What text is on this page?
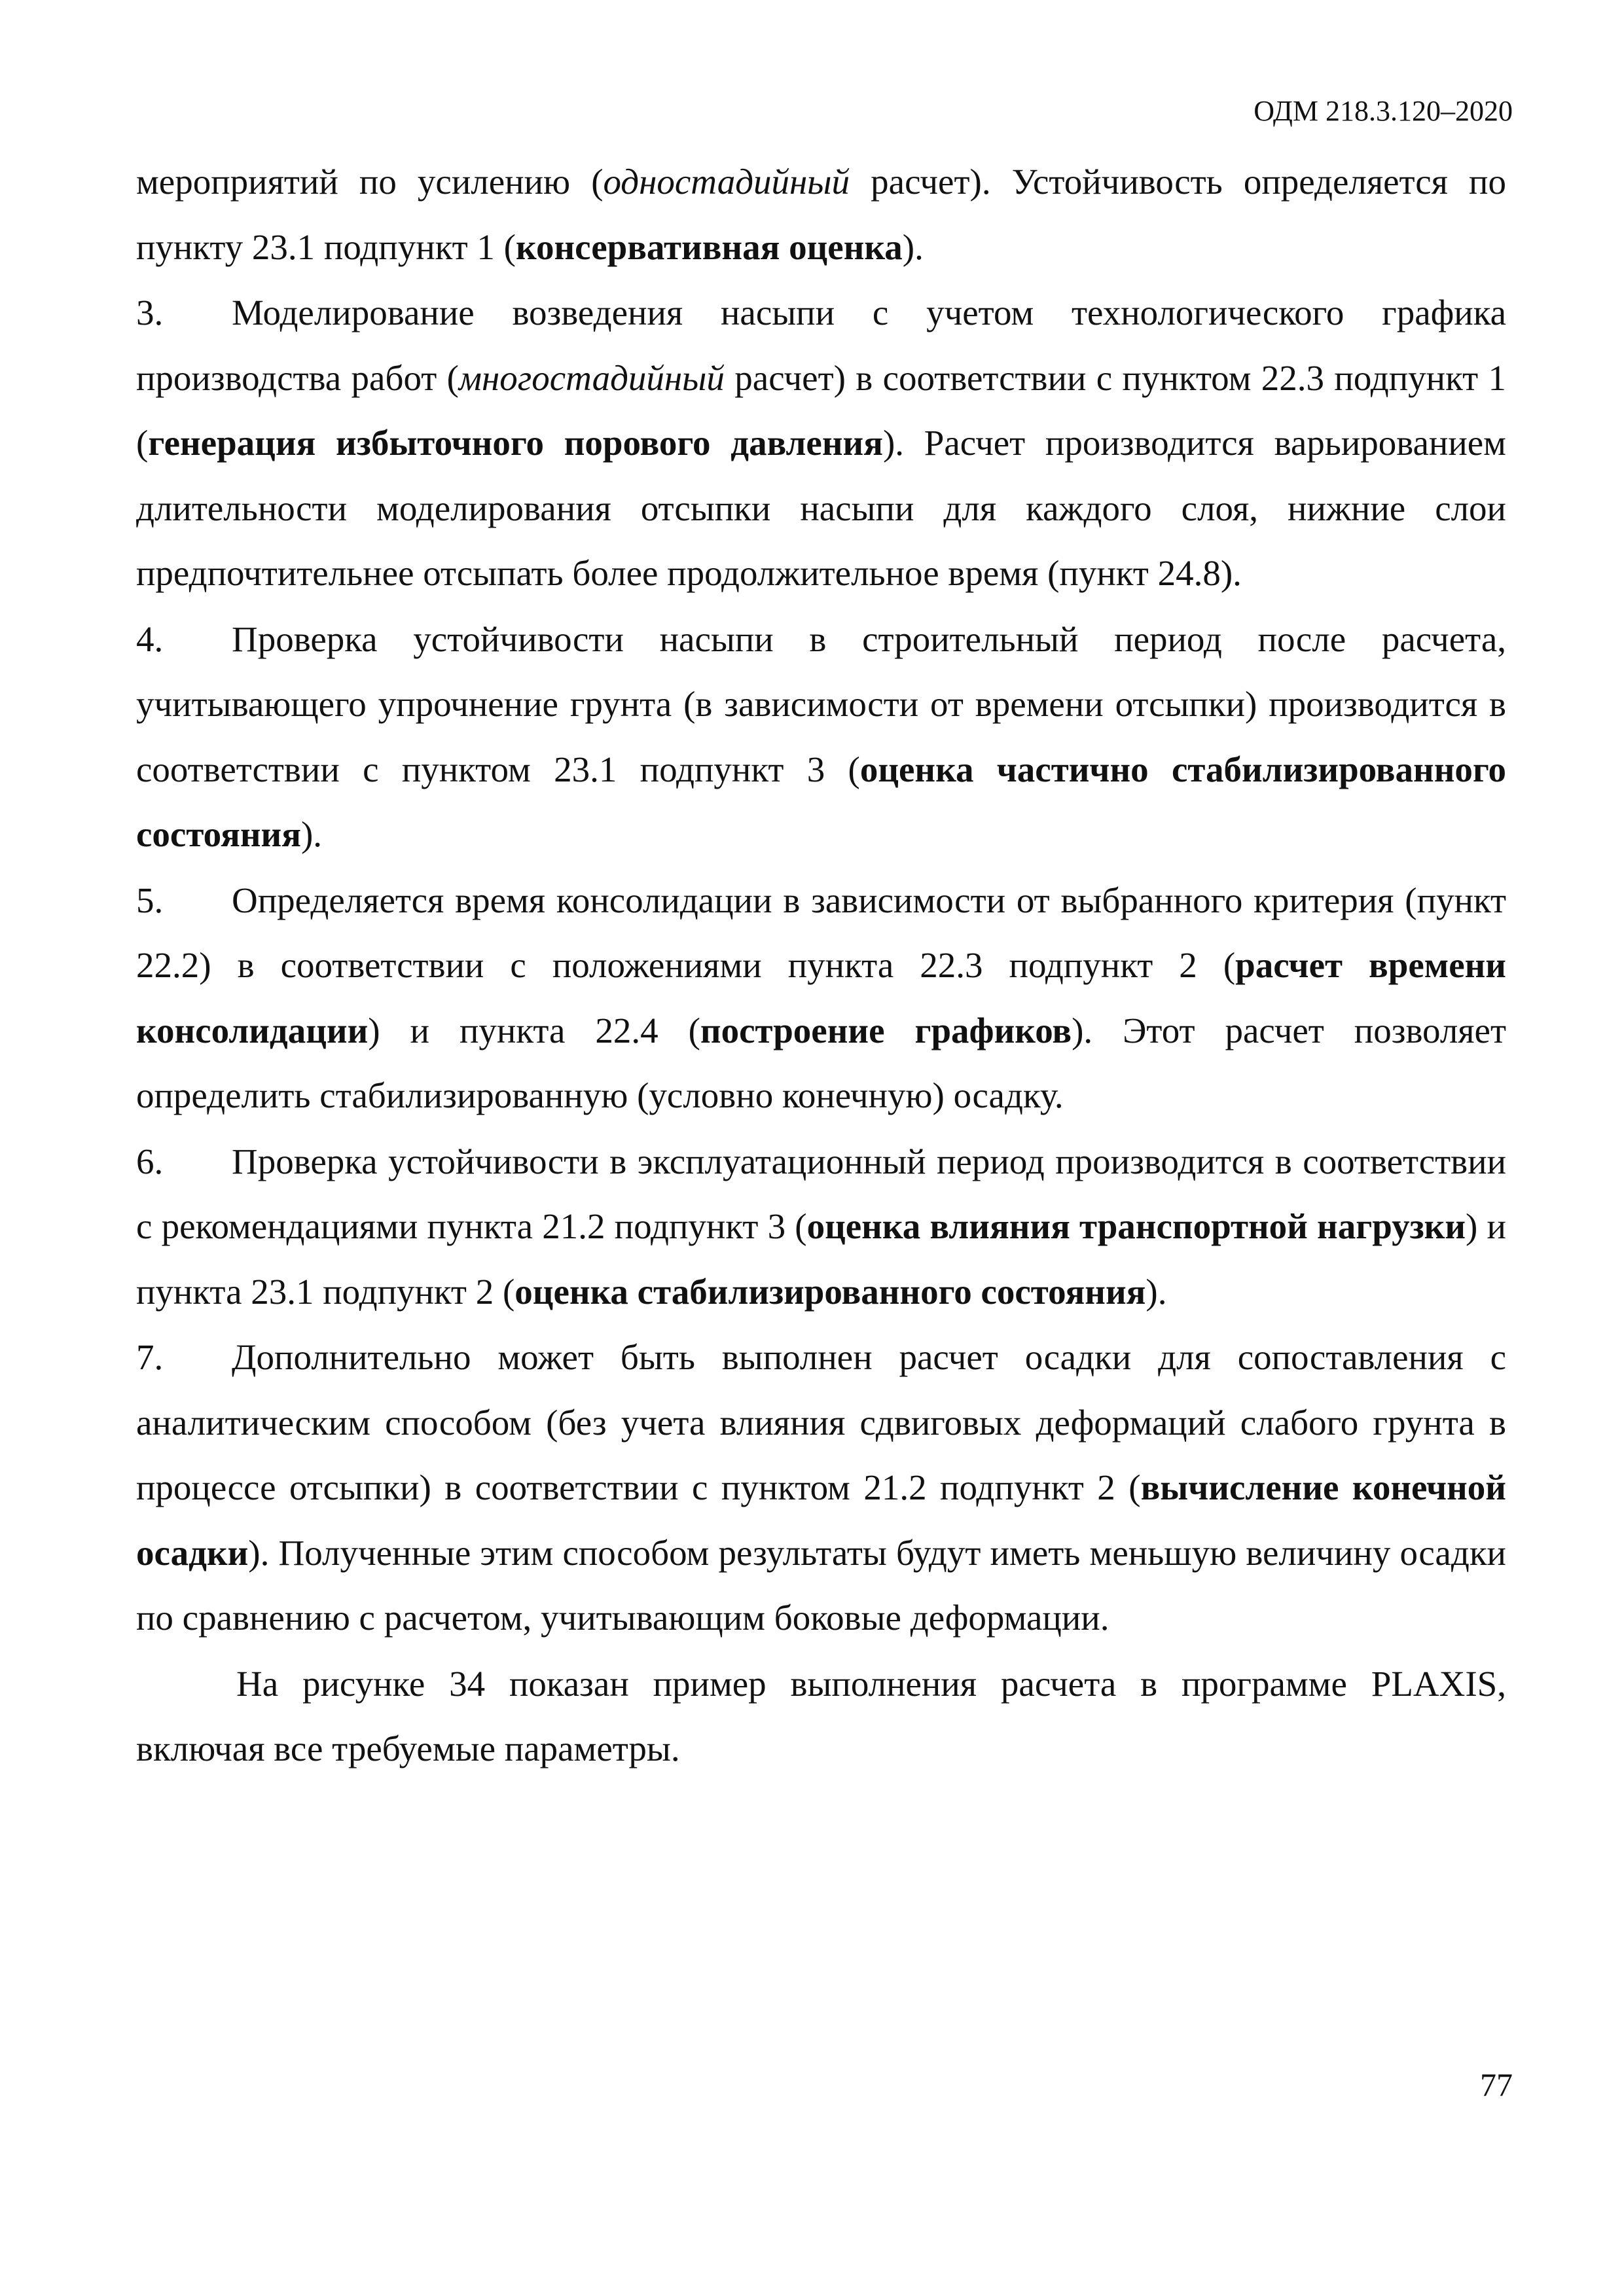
ОДМ 218.3.120–2020

мероприятий по усилению (одностадийный расчет). Устойчивость определяется по пункту 23.1 подпункт 1 (консервативная оценка).

3. Моделирование возведения насыпи с учетом технологического графика производства работ (многостадийный расчет) в соответствии с пунктом 22.3 подпункт 1 (генерация избыточного порового давления). Расчет производится варьированием длительности моделирования отсыпки насыпи для каждого слоя, нижние слои предпочтительнее отсыпать более продолжительное время (пункт 24.8).

4. Проверка устойчивости насыпи в строительный период после расчета, учитывающего упрочнение грунта (в зависимости от времени отсыпки) производится в соответствии с пунктом 23.1 подпункт 3 (оценка частично стабилизированного состояния).

5. Определяется время консолидации в зависимости от выбранного критерия (пункт 22.2) в соответствии с положениями пункта 22.3 подпункт 2 (расчет времени консолидации) и пункта 22.4 (построение графиков). Этот расчет позволяет определить стабилизированную (условно конечную) осадку.

6. Проверка устойчивости в эксплуатационный период производится в соответствии с рекомендациями пункта 21.2 подпункт 3 (оценка влияния транспортной нагрузки) и пункта 23.1 подпункт 2 (оценка стабилизированного состояния).

7. Дополнительно может быть выполнен расчет осадки для сопоставления с аналитическим способом (без учета влияния сдвиговых деформаций слабого грунта в процессе отсыпки) в соответствии с пунктом 21.2 подпункт 2 (вычисление конечной осадки). Полученные этим способом результаты будут иметь меньшую величину осадки по сравнению с расчетом, учитывающим боковые деформации.

На рисунке 34 показан пример выполнения расчета в программе PLAXIS, включая все требуемые параметры.

77
